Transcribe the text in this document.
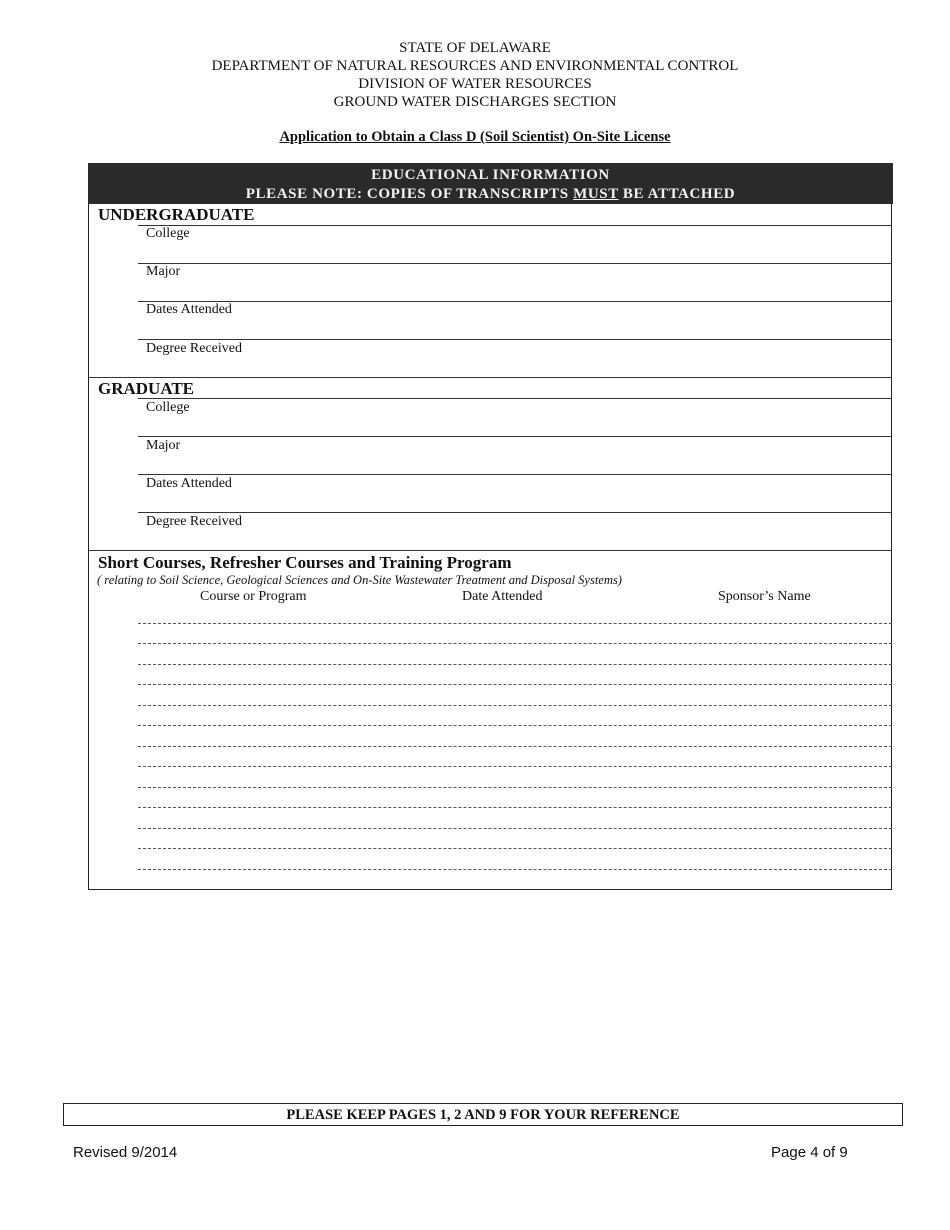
STATE OF DELAWARE
DEPARTMENT OF NATURAL RESOURCES AND ENVIRONMENTAL CONTROL
DIVISION OF WATER RESOURCES
GROUND WATER DISCHARGES SECTION
Application to Obtain a Class D (Soil Scientist) On-Site License
EDUCATIONAL INFORMATION
PLEASE NOTE: COPIES OF TRANSCRIPTS MUST BE ATTACHED
UNDERGRADUATE
College
Major
Dates Attended
Degree Received
GRADUATE
College
Major
Dates Attended
Degree Received
Short Courses, Refresher Courses and Training Program
( relating to Soil Science, Geological Sciences and On-Site Wastewater Treatment and Disposal Systems)
Course or Program	Date Attended	Sponsor’s Name
PLEASE KEEP PAGES 1, 2 AND 9 FOR YOUR REFERENCE
Revised 9/2014	Page 4 of 9
